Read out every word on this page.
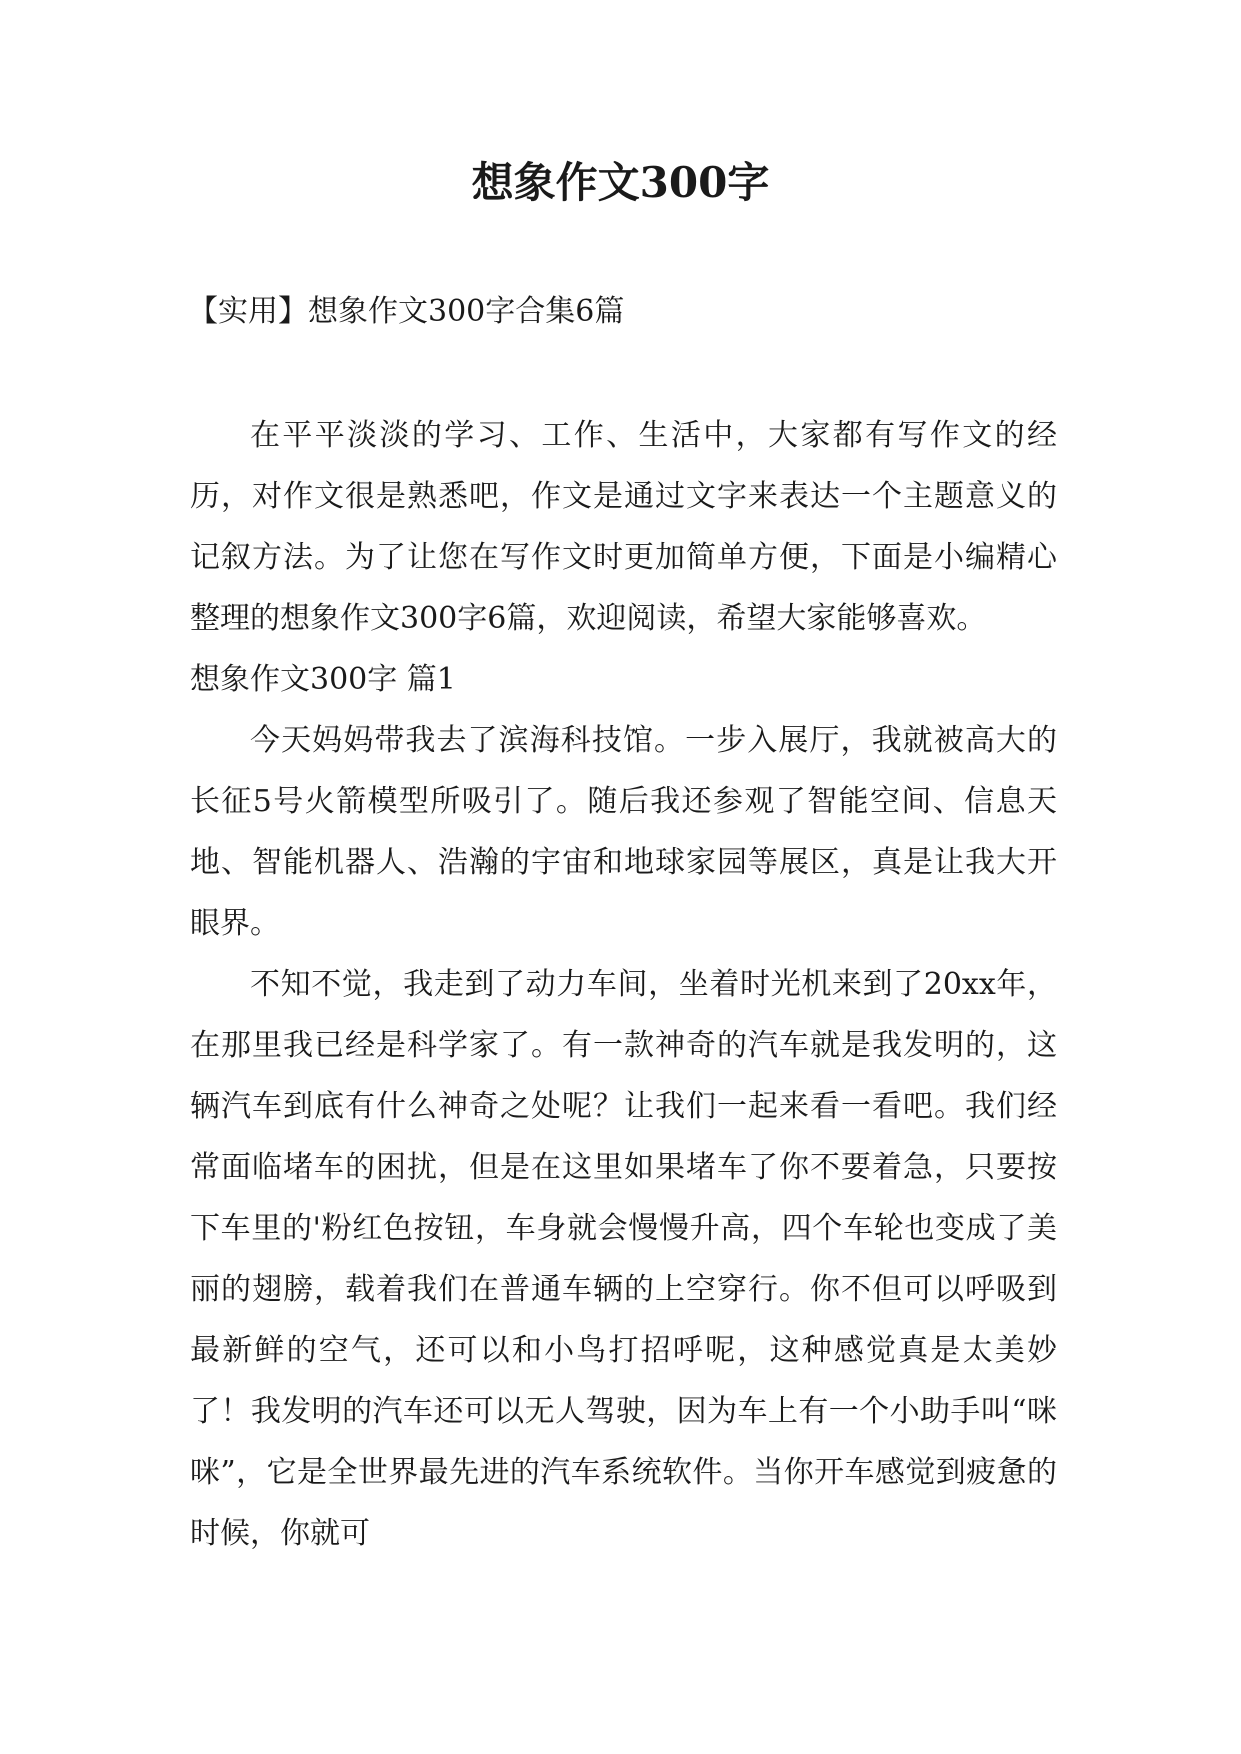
想象作文300字

【实用】想象作文300字合集6篇

在平平淡淡的学习、工作、生活中，大家都有写作文的经历，对作文很是熟悉吧，作文是通过文字来表达一个主题意义的记叙方法。为了让您在写作文时更加简单方便，下面是小编精心整理的想象作文300字6篇，欢迎阅读，希望大家能够喜欢。

想象作文300字 篇1

今天妈妈带我去了滨海科技馆。一步入展厅，我就被高大的长征5号火箭模型所吸引了。随后我还参观了智能空间、信息天地、智能机器人、浩瀚的宇宙和地球家园等展区，真是让我大开眼界。

不知不觉，我走到了动力车间，坐着时光机来到了20xx年，在那里我已经是科学家了。有一款神奇的汽车就是我发明的，这辆汽车到底有什么神奇之处呢？让我们一起来看一看吧。我们经常面临堵车的困扰，但是在这里如果堵车了你不要着急，只要按下车里的'粉红色按钮，车身就会慢慢升高，四个车轮也变成了美丽的翅膀，载着我们在普通车辆的上空穿行。你不但可以呼吸到最新鲜的空气，还可以和小鸟打招呼呢，这种感觉真是太美妙了！我发明的汽车还可以无人驾驶，因为车上有一个小助手叫“咪咪”，它是全世界最先进的汽车系统软件。当你开车感觉到疲惫的时候，你就可
